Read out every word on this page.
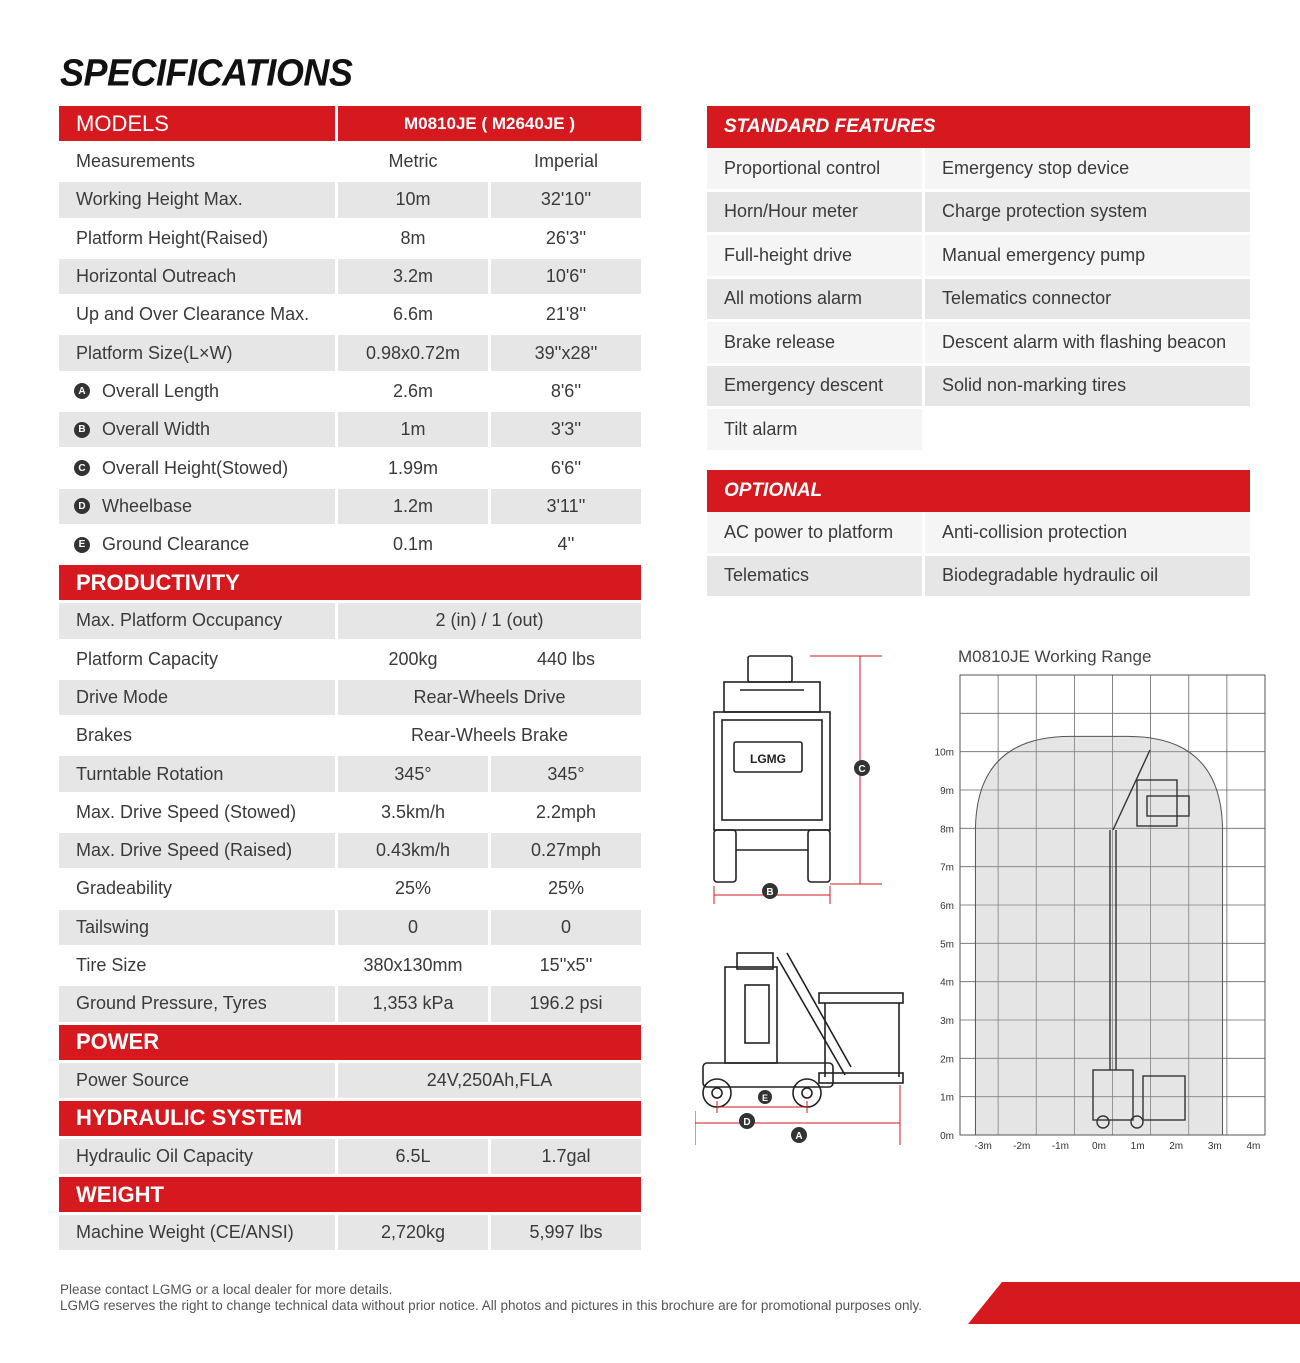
SPECIFICATIONS
MODELS	M0810JE ( M2640JE )
Measurements	Metric	Imperial
Working Height Max.	10m	32'10''
Platform Height(Raised)	8m	26'3''
Horizontal Outreach	3.2m	10'6''
Up and Over Clearance Max.	6.6m	21'8''
Platform Size(L×W)	0.98x0.72m	39''x28''
A Overall Length	2.6m	8'6''
B Overall Width	1m	3'3''
C Overall Height(Stowed)	1.99m	6'6''
D Wheelbase	1.2m	3'11''
E Ground Clearance	0.1m	4''
PRODUCTIVITY
Max. Platform Occupancy	2 (in) / 1 (out)
Platform Capacity	200kg	440 lbs
Drive Mode	Rear-Wheels Drive
Brakes	Rear-Wheels Brake
Turntable Rotation	345°	345°
Max. Drive Speed (Stowed)	3.5km/h	2.2mph
Max. Drive Speed (Raised)	0.43km/h	0.27mph
Gradeability	25%	25%
Tailswing	0	0
Tire Size	380x130mm	15''x5''
Ground Pressure, Tyres	1,353 kPa	196.2 psi
POWER
Power Source	24V,250Ah,FLA
HYDRAULIC SYSTEM
Hydraulic Oil Capacity	6.5L	1.7gal
WEIGHT
Machine Weight (CE/ANSI)	2,720kg	5,997 lbs
STANDARD FEATURES
Proportional control	Emergency stop device
Horn/Hour meter	Charge protection system
Full-height drive	Manual emergency pump
All motions alarm	Telematics connector
Brake release	Descent alarm with flashing beacon
Emergency descent	Solid non-marking tires
Tilt alarm
OPTIONAL
AC power to platform	Anti-collision protection
Telematics	Biodegradable hydraulic oil
LGMG
C
B
A
D
E
M0810JE Working Range
0m
1m
2m
3m
4m
5m
6m
7m
8m
9m
10m
-3m -2m -1m 0m 1m 2m 3m 4m
Please contact LGMG or a local dealer for more details.
LGMG reserves the right to change technical data without prior notice. All photos and pictures in this brochure are for promotional purposes only.
